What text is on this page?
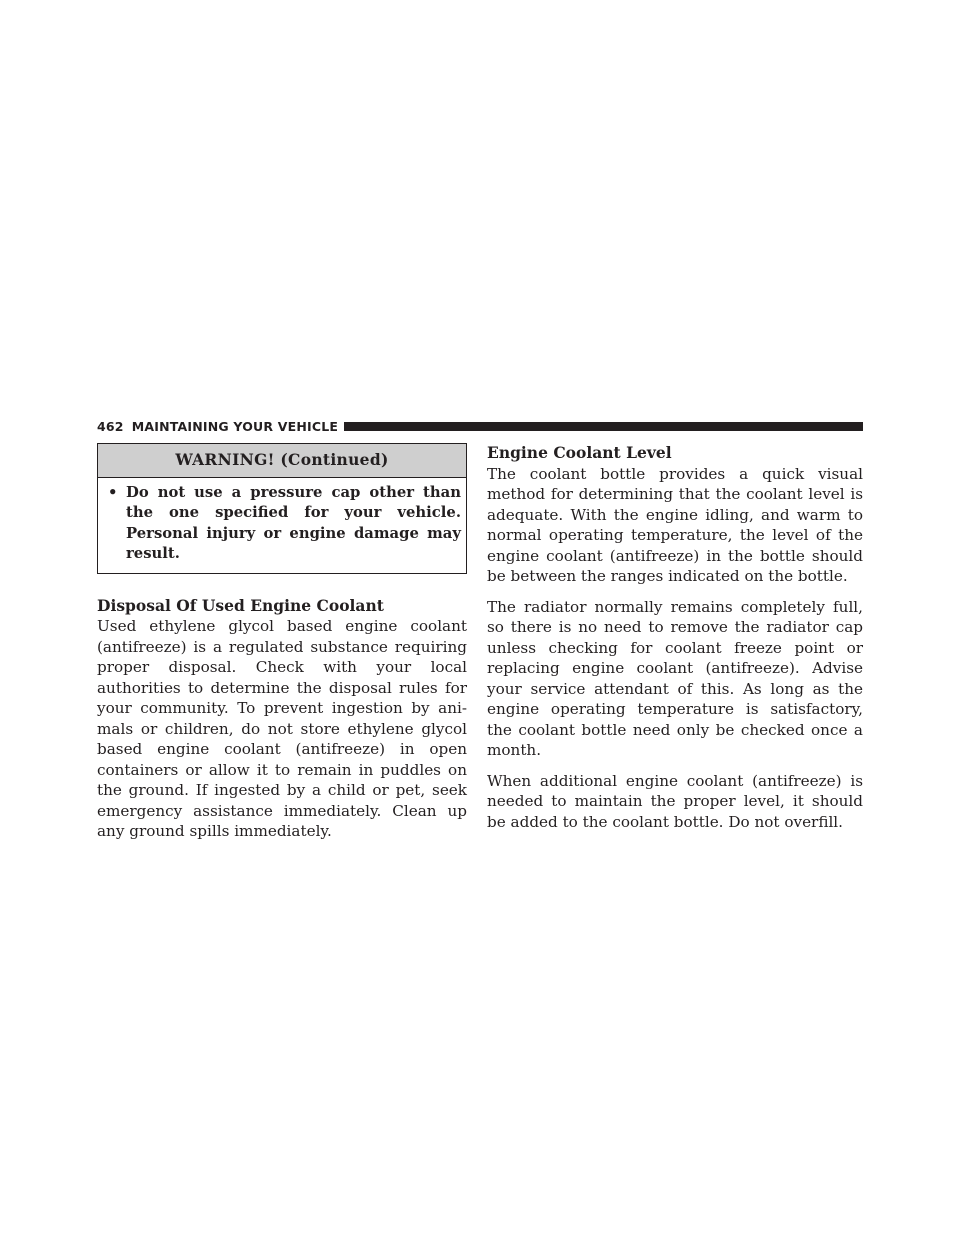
462 MAINTAINING YOUR VEHICLE
WARNING! (Continued)
• Do not use a pressure cap other than the one specified for your vehicle. Personal injury or engine damage may result.
Disposal Of Used Engine Coolant

Used ethylene glycol based engine coolant (antifreeze) is a regulated substance requiring proper disposal. Check with your local authorities to determine the disposal rules for your community. To prevent ingestion by animals or children, do not store ethylene glycol based engine coolant (antifreeze) in open containers or allow it to remain in puddles on the ground. If ingested by a child or pet, seek emergency assistance immediately. Clean up any ground spills immediately.

Engine Coolant Level

The coolant bottle provides a quick visual method for determining that the coolant level is adequate. With the engine idling, and warm to normal operating temperature, the level of the engine coolant (antifreeze) in the bottle should be between the ranges indicated on the bottle.

The radiator normally remains completely full, so there is no need to remove the radiator cap unless checking for coolant freeze point or replacing engine coolant (antifreeze). Advise your service attendant of this. As long as the engine operating temperature is satisfactory, the coolant bottle need only be checked once a month.

When additional engine coolant (antifreeze) is needed to maintain the proper level, it should be added to the coolant bottle. Do not overfill.
